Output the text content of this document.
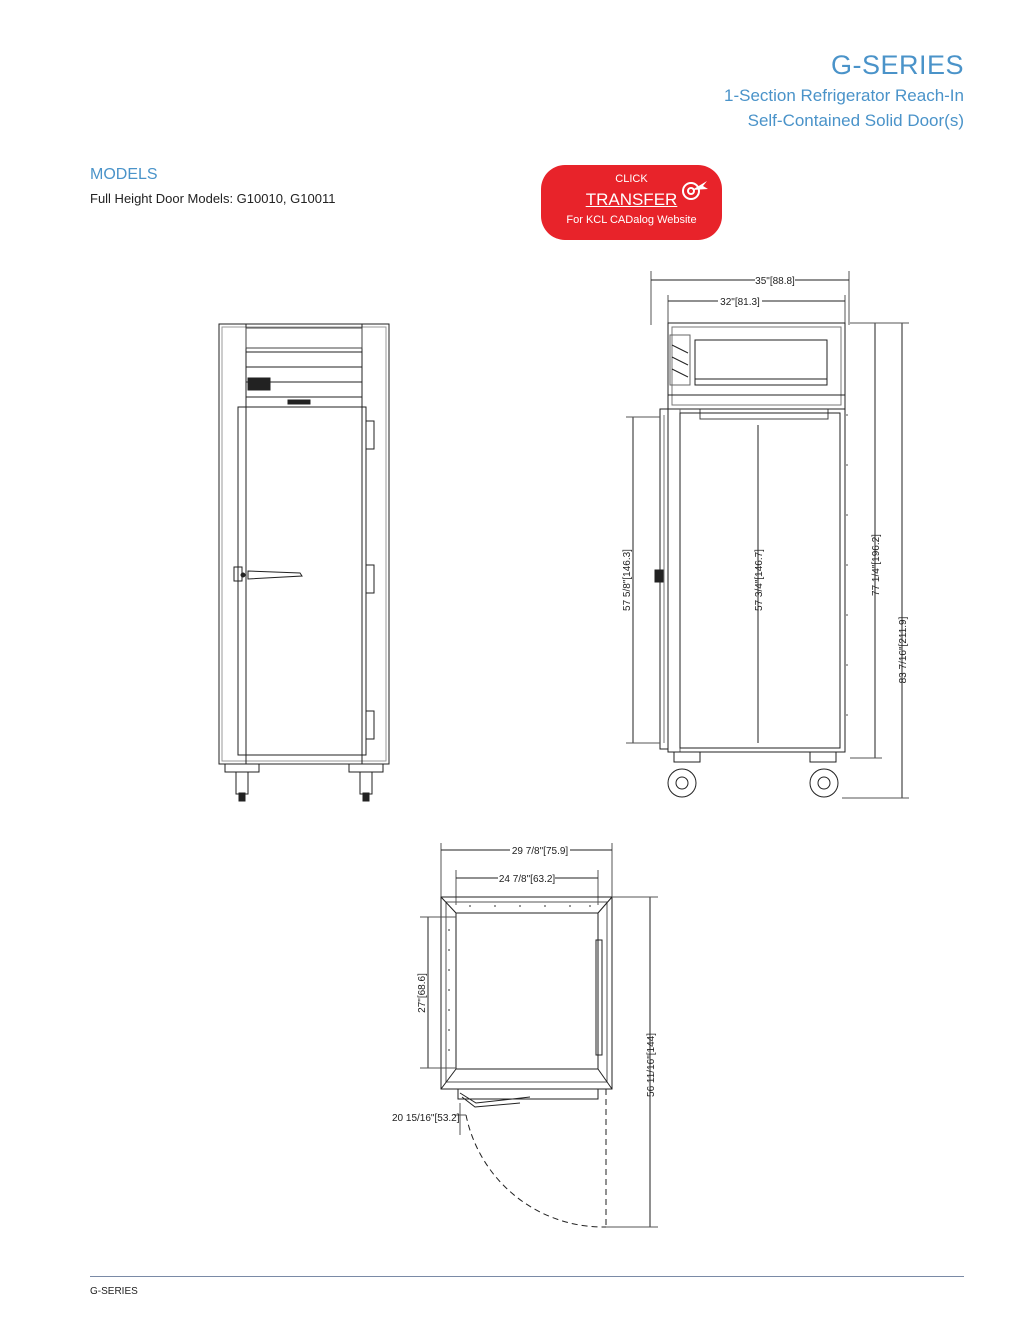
G-SERIES
1-Section Refrigerator Reach-In
Self-Contained Solid Door(s)
MODELS
Full Height Door Models: G10010, G10011
CLICK
TRANSFER
For KCL CADalog Website
35"[88.8]
32"[81.3]
57 5/8"[146.3]	57 3/4"[146.7]	77 1/4"[196.2]
83 7/16"[211.9]
29 7/8"[75.9]
24 7/8"[63.2]
27"[68.6]
20 15/16"[53.2]
56 11/16"[144]
G-SERIES
